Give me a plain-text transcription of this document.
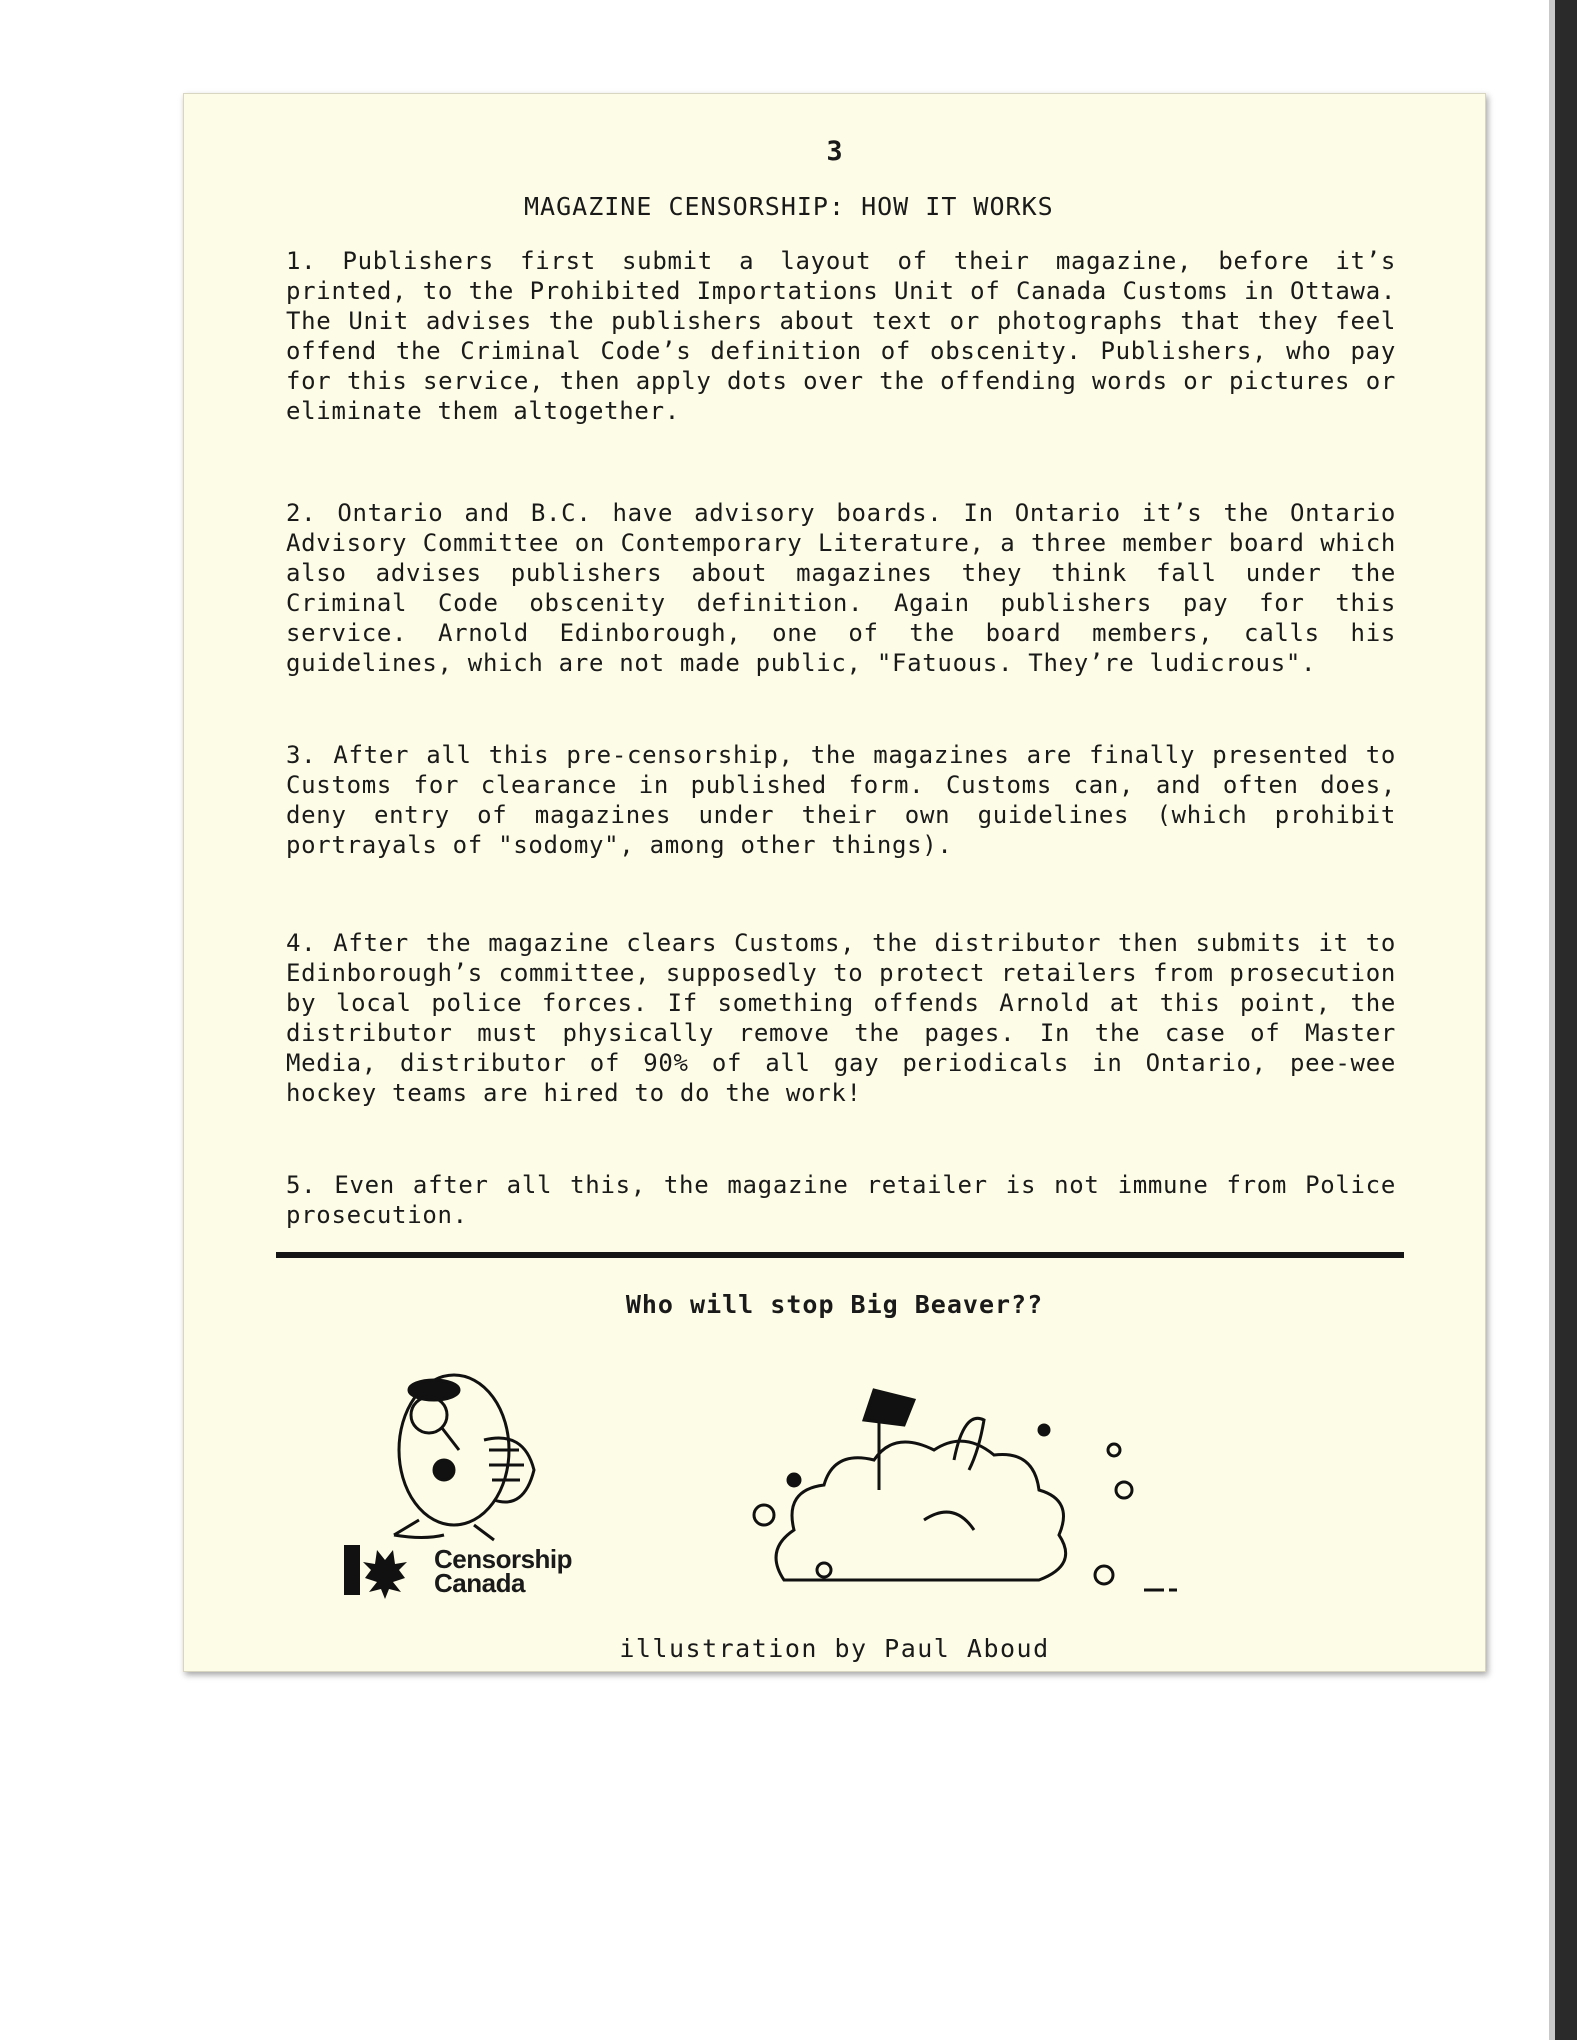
3
MAGAZINE CENSORSHIP: HOW IT WORKS
1. Publishers first submit a layout of their magazine, before it’s printed, to the Prohibited Importations Unit of Canada Customs in Ottawa. The Unit advises the publishers about text or photographs that they feel offend the Criminal Code’s definition of obscenity. Publishers, who pay for this service, then apply dots over the offending words or pictures or eliminate them altogether.
2. Ontario and B.C. have advisory boards. In Ontario it’s the Ontario Advisory Committee on Contemporary Literature, a three member board which also advises publishers about magazines they think fall under the Criminal Code obscenity definition. Again publishers pay for this service. Arnold Edinborough, one of the board members, calls his guidelines, which are not made public, "Fatuous. They’re ludicrous".
3. After all this pre-censorship, the magazines are finally presented to Customs for clearance in published form. Customs can, and often does, deny entry of magazines under their own guidelines (which prohibit portrayals of "sodomy", among other things).
4. After the magazine clears Customs, the distributor then submits it to Edinborough’s committee, supposedly to protect retailers from prosecution by local police forces. If something offends Arnold at this point, the distributor must physically remove the pages. In the case of Master Media, distributor of 90% of all gay periodicals in Ontario, pee-wee hockey teams are hired to do the work!
5. Even after all this, the magazine retailer is not immune from Police prosecution.
Who will stop Big Beaver??
Censorship
Canada
illustration by Paul Aboud
